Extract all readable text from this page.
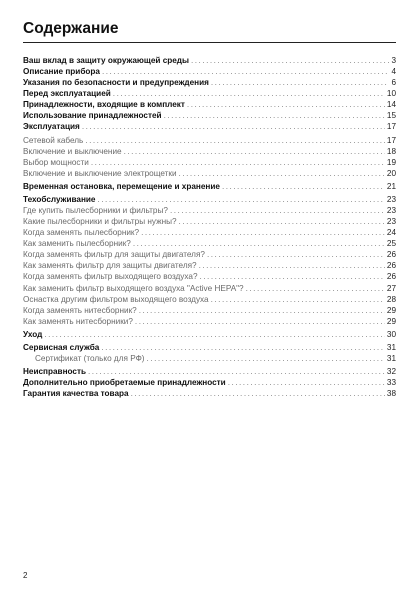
Содержание
Ваш вклад в защиту окружающей среды .....	3
Описание прибора .....	4
Указания по безопасности и предупреждения .....	6
Перед эксплуатацией .....	10
Принадлежности, входящие в комплект .....	14
Использование принадлежностей .....	15
Эксплуатация .....	17
Сетевой кабель .....	17
Включение и выключение .....	18
Выбор мощности .....	19
Включение и выключение электрощетки .....	20
Временная остановка, перемещение и хранение .....	21
Техобслуживание .....	23
Где купить пылесборники и фильтры? .....	23
Какие пылесборники и фильтры нужны? .....	23
Когда заменять пылесборник? .....	24
Как заменить пылесборник? .....	25
Когда заменять фильтр для защиты двигателя? .....	26
Как заменять фильтр для защиты двигателя? .....	26
Когда заменять фильтр выходящего воздуха? .....	26
Как заменить фильтр выходящего воздуха "Active HEPA"? .....	27
Оснастка другим фильтром выходящего воздуха .....	28
Когда заменять нитесборник? .....	29
Как заменять нитесборники? .....	29
Уход .....	30
Сервисная служба .....	31
Сертификат (только для РФ) .....	31
Неисправность .....	32
Дополнительно приобретаемые принадлежности .....	33
Гарантия качества товара .....	38
2
